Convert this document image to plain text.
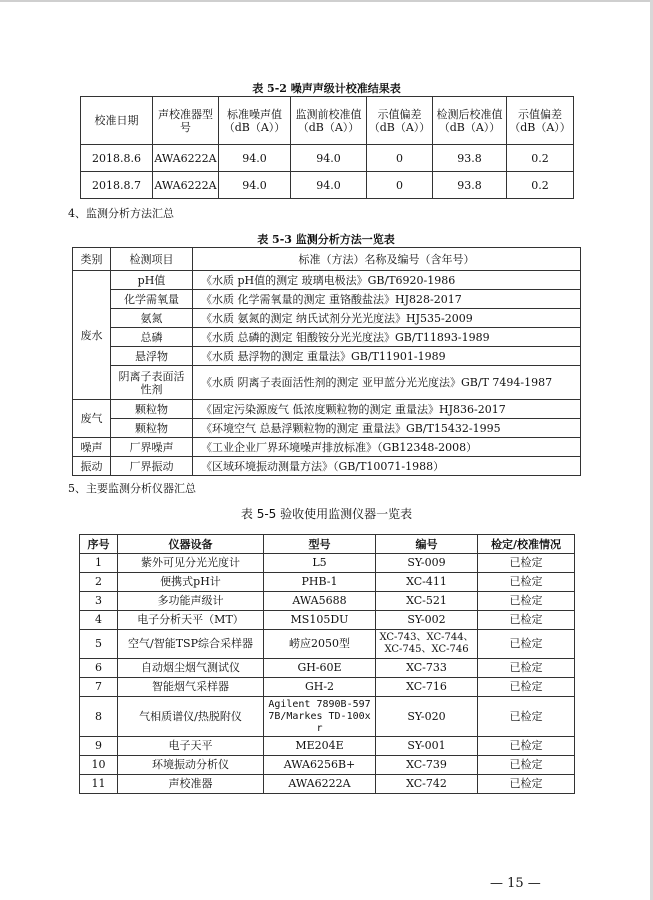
表 5-2 噪声声级计校准结果表
校准日期	声校准器型号	标准噪声值（dB（A））	监测前校准值（dB（A））	示值偏差（dB（A））	检测后校准值（dB（A））	示值偏差（dB（A））
2018.8.6	AWA6222A	94.0	94.0	0	93.8	0.2
2018.8.7	AWA6222A	94.0	94.0	0	93.8	0.2
4、监测分析方法汇总
表 5-3 监测分析方法一览表
类别	检测项目	标准（方法）名称及编号（含年号）
废水	pH值	《水质 pH值的测定 玻璃电极法》GB/T6920-1986
	化学需氧量	《水质 化学需氧量的测定 重铬酸盐法》HJ828-2017
	氨氮	《水质 氨氮的测定 纳氏试剂分光光度法》HJ535-2009
	总磷	《水质 总磷的测定 钼酸铵分光光度法》GB/T11893-1989
	悬浮物	《水质 悬浮物的测定 重量法》GB/T11901-1989
	阴离子表面活性剂	《水质 阴离子表面活性剂的测定 亚甲蓝分光光度法》GB/T 7494-1987
废气	颗粒物	《固定污染源废气 低浓度颗粒物的测定 重量法》HJ836-2017
	颗粒物	《环境空气 总悬浮颗粒物的测定 重量法》GB/T15432-1995
噪声	厂界噪声	《工业企业厂界环境噪声排放标准》（GB12348-2008）
振动	厂界振动	《区域环境振动测量方法》（GB/T10071-1988）
5、主要监测分析仪器汇总
表 5-5 验收使用监测仪器一览表
序号	仪器设备	型号	编号	检定/校准情况
1	紫外可见分光光度计	L5	SY-009	已检定
2	便携式pH计	PHB-1	XC-411	已检定
3	多功能声级计	AWA5688	XC-521	已检定
4	电子分析天平（MT）	MS105DU	SY-002	已检定
5	空气/智能TSP综合采样器	崂应2050型	XC-743、XC-744、XC-745、XC-746	已检定
6	自动烟尘烟气测试仪	GH-60E	XC-733	已检定
7	智能烟气采样器	GH-2	XC-716	已检定
8	气相质谱仪/热脱附仪	Agilent 7890B-5977B/Markes TD-100xr	SY-020	已检定
9	电子天平	ME204E	SY-001	已检定
10	环境振动分析仪	AWA6256B+	XC-739	已检定
11	声校准器	AWA6222A	XC-742	已检定
— 15 —
